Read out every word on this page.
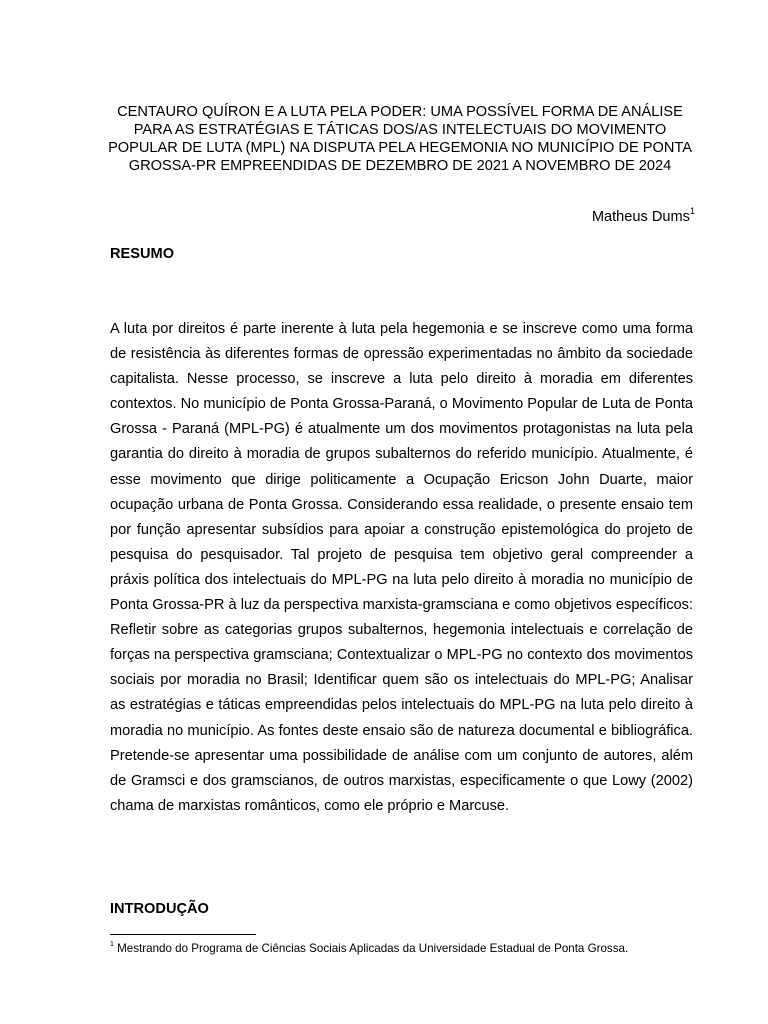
CENTAURO QUÍRON E A LUTA PELA PODER: UMA POSSÍVEL FORMA DE ANÁLISE PARA AS ESTRATÉGIAS E TÁTICAS DOS/AS INTELECTUAIS DO MOVIMENTO POPULAR DE LUTA (MPL) NA DISPUTA PELA HEGEMONIA NO MUNICÍPIO DE PONTA GROSSA-PR EMPREENDIDAS DE DEZEMBRO DE 2021 A NOVEMBRO DE 2024
Matheus Dums$^1$
RESUMO
A luta por direitos é parte inerente à luta pela hegemonia e se inscreve como uma forma de resistência às diferentes formas de opressão experimentadas no âmbito da sociedade capitalista. Nesse processo, se inscreve a luta pelo direito à moradia em diferentes contextos. No município de Ponta Grossa-Paraná, o Movimento Popular de Luta de Ponta Grossa - Paraná (MPL-PG) é atualmente um dos movimentos protagonistas na luta pela garantia do direito à moradia de grupos subalternos do referido município. Atualmente, é esse movimento que dirige politicamente a Ocupação Ericson John Duarte, maior ocupação urbana de Ponta Grossa. Considerando essa realidade, o presente ensaio tem por função apresentar subsídios para apoiar a construção epistemológica do projeto de pesquisa do pesquisador. Tal projeto de pesquisa tem objetivo geral compreender a práxis política dos intelectuais do MPL-PG na luta pelo direito à moradia no município de Ponta Grossa-PR à luz da perspectiva marxista-gramsciana e como objetivos específicos: Refletir sobre as categorias grupos subalternos, hegemonia intelectuais e correlação de forças na perspectiva gramsciana; Contextualizar o MPL-PG no contexto dos movimentos sociais por moradia no Brasil; Identificar quem são os intelectuais do MPL-PG; Analisar as estratégias e táticas empreendidas pelos intelectuais do MPL-PG na luta pelo direito à moradia no município. As fontes deste ensaio são de natureza documental e bibliográfica. Pretende-se apresentar uma possibilidade de análise com um conjunto de autores, além de Gramsci e dos gramscianos, de outros marxistas, especificamente o que Lowy (2002) chama de marxistas românticos, como ele próprio e Marcuse.
INTRODUÇÃO
$^1$ Mestrando do Programa de Ciências Sociais Aplicadas da Universidade Estadual de Ponta Grossa.
